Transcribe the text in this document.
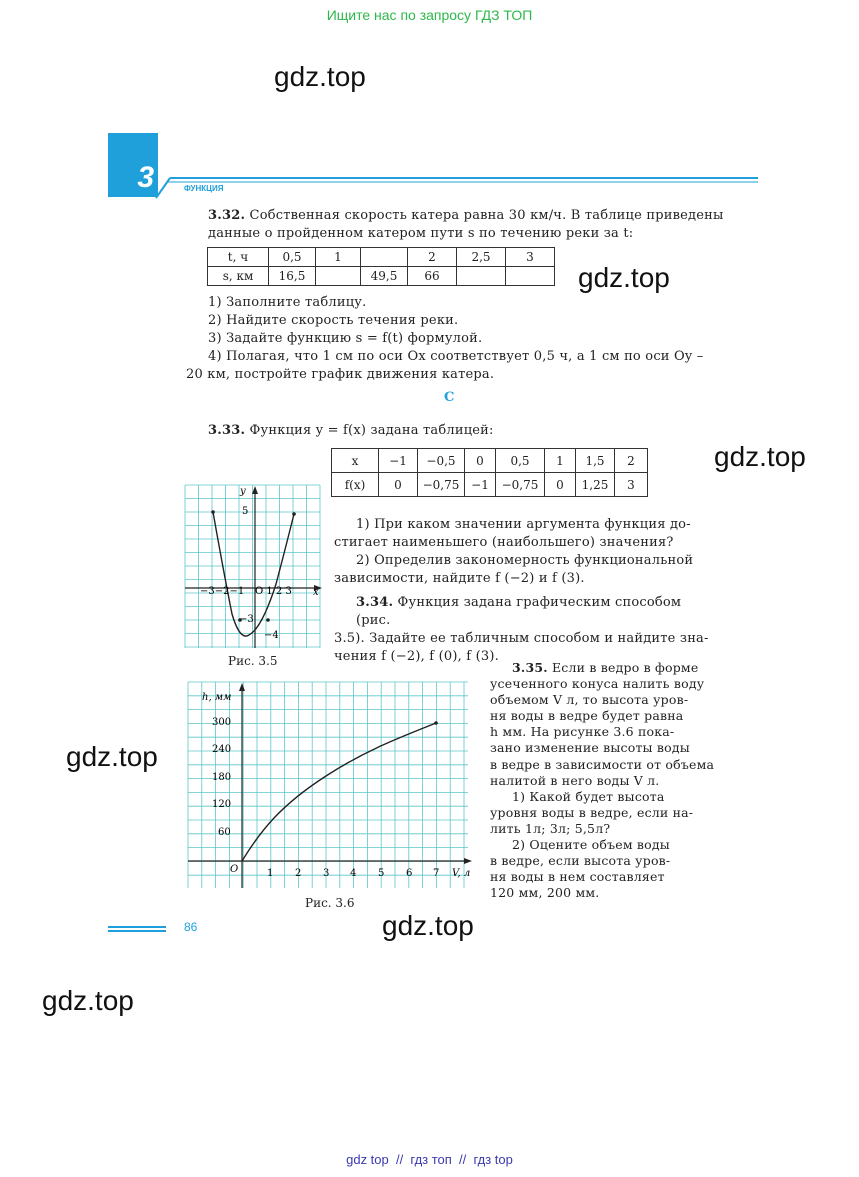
Ищите нас по запросу ГДЗ ТОП
gdz.top
gdz.top
gdz.top
gdz.top
gdz.top
gdz.top
3	ФУНКЦИЯ
3.32. Собственная скорость катера равна 30 км/ч. В таблице приведены
данные о пройденном катером пути s по течению реки за t:
t, ч	0,5	1		2	2,5	3
s, км	16,5		49,5	66		
1) Заполните таблицу.
2) Найдите скорость течения реки.
3) Задайте функцию s = f(t) формулой.
4) Полагая, что 1 см по оси Ox соответствует 0,5 ч, а 1 см по оси Oy –
20 км, постройте график движения катера.
C
3.33. Функция y = f(x) задана таблицей:
x	−1	−0,5	0	0,5	1	1,5	2
f(x)	0	−0,75	−1	−0,75	0	1,25	3
1) При каком значении аргумента функция до-
стигает наименьшего (наибольшего) значения?
2) Определив закономерность функциональной
зависимости, найдите f (−2) и f (3).
3.34. Функция задана графическим способом (рис.
3.5). Задайте ее табличным способом и найдите зна-
чения f (−2), f (0), f (3).
y
x
5
−3−2−1 O 1 2 3
−3
−4
Рис. 3.5	3.35. Если в ведро в форме
усеченного конуса налить воду
объемом V л, то высота уров-
ня воды в ведре будет равна
h мм. На рисунке 3.6 пока-
зано изменение высоты воды
в ведре в зависимости от объема
налитой в него воды V л.
1) Какой будет высота
уровня воды в ведре, если на-
лить 1л; 3л; 5,5л?
2) Оцените объем воды
в ведре, если высота уров-
ня воды в нем составляет
120 мм, 200 мм.
h, мм
V, л
O
300
240
180
120
60
1 2 3 4 5 6 7
Рис. 3.6
86
gdz top  //  гдз топ  //  гдз top
